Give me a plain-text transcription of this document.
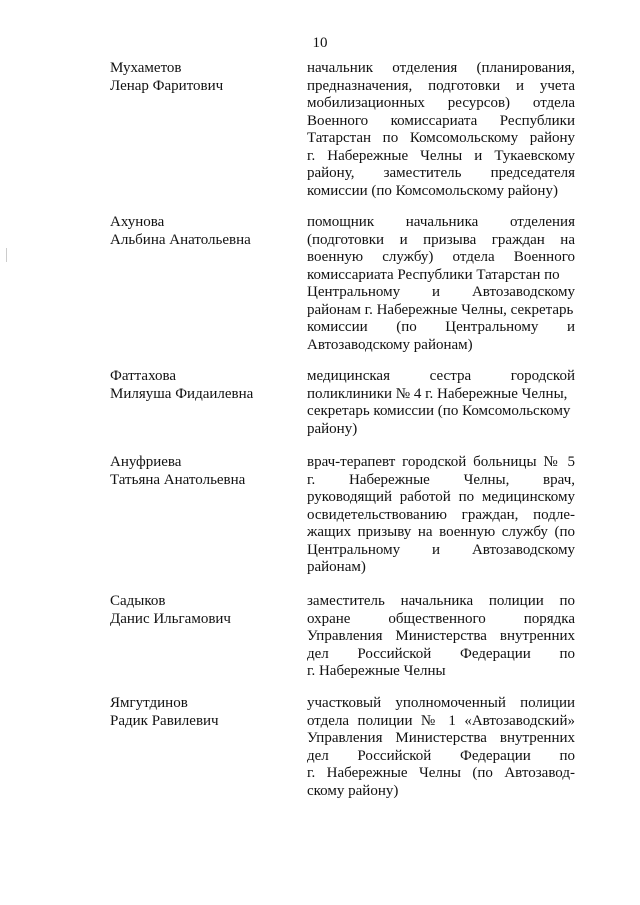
10
Мухаметов
Ленар Фаритович
начальник отделения (планирования,
предназначения, подготовки и учета
мобилизационных ресурсов) отдела
Военного комиссариата Республики
Татарстан по Комсомольскому району
г. Набережные Челны и Тукаевскому
району, заместитель председателя
комиссии (по Комсомольскому району)
Ахунова
Альбина Анатольевна
помощник начальника отделения
(подготовки и призыва граждан на
военную службу) отдела Военного
комиссариата Республики Татарстан по
Центральному и Автозаводскому
районам г. Набережные Челны, секретарь
комиссии (по Центральному и
Автозаводскому районам)
Фаттахова
Миляуша Фидаилевна
медицинская сестра городской
поликлиники № 4 г. Набережные Челны,
секретарь комиссии (по Комсомольскому
району)
Ануфриева
Татьяна Анатольевна
врач-терапевт городской больницы № 5
г. Набережные Челны, врач,
руководящий работой по медицинскому
освидетельствованию граждан, подле-
жащих призыву на военную службу (по
Центральному и Автозаводскому
районам)
Садыков
Данис Ильгамович
заместитель начальника полиции по
охране общественного порядка
Управления Министерства внутренних
дел Российской Федерации по
г. Набережные Челны
Ямгутдинов
Радик Равилевич
участковый уполномоченный полиции
отдела полиции № 1 «Автозаводский»
Управления Министерства внутренних
дел Российской Федерации по
г. Набережные Челны (по Автозавод-
скому району)
